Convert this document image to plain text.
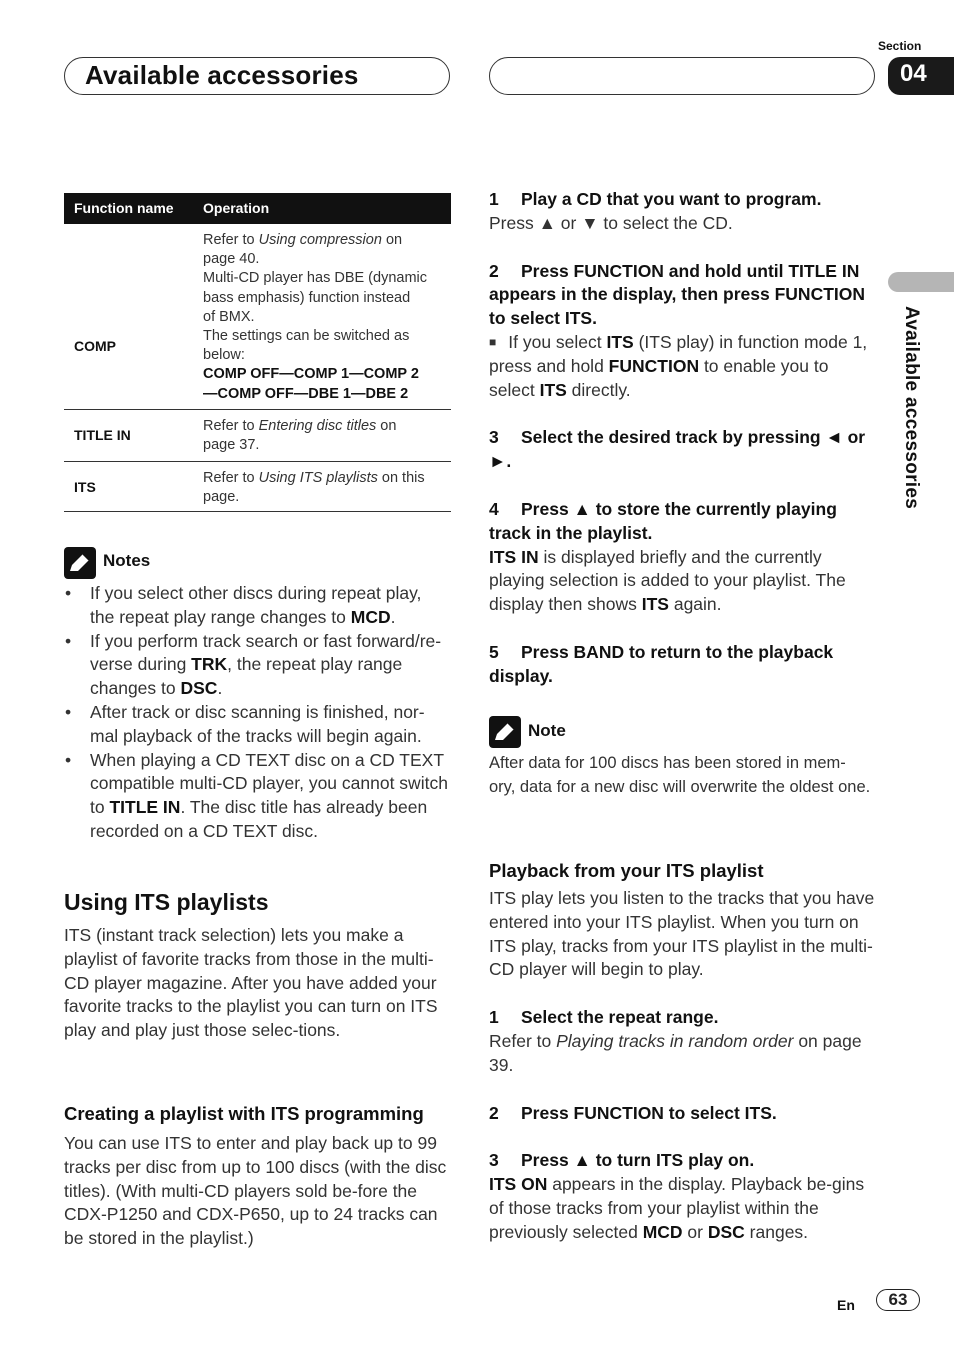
Available accessories
Section
04
Available accessories
Function name Operation
COMP
Refer to Using compression on
page 40.
Multi-CD player has DBE (dynamic
bass emphasis) function instead
of BMX.
The settings can be switched as
below:
COMP OFF—COMP 1—COMP 2
—COMP OFF—DBE 1—DBE 2
TITLE IN
Refer to Entering disc titles on
page 37.
ITS
Refer to Using ITS playlists on this
page.
Notes
• If you select other discs during repeat play, the repeat play range changes to MCD.
• If you perform track search or fast forward/re-verse during TRK, the repeat play range changes to DSC.
• After track or disc scanning is finished, nor-mal playback of the tracks will begin again.
• When playing a CD TEXT disc on a CD TEXT compatible multi-CD player, you cannot switch to TITLE IN. The disc title has already been recorded on a CD TEXT disc.
Using ITS playlists
ITS (instant track selection) lets you make a playlist of favorite tracks from those in the multi-CD player magazine. After you have added your favorite tracks to the playlist you can turn on ITS play and play just those selec-tions.
Creating a playlist with ITS programming
You can use ITS to enter and play back up to 99 tracks per disc from up to 100 discs (with the disc titles). (With multi-CD players sold be-fore the CDX-P1250 and CDX-P650, up to 24 tracks can be stored in the playlist.)
1 Play a CD that you want to program.
Press ▲ or ▼ to select the CD.
2 Press FUNCTION and hold until TITLE IN appears in the display, then press FUNCTION to select ITS.
■ If you select ITS (ITS play) in function mode 1, press and hold FUNCTION to enable you to select ITS directly.
3 Select the desired track by pressing ◄ or ►.
4 Press ▲ to store the currently playing track in the playlist.
ITS IN is displayed briefly and the currently playing selection is added to your playlist. The display then shows ITS again.
5 Press BAND to return to the playback display.
Note
After data for 100 discs has been stored in mem-ory, data for a new disc will overwrite the oldest one.
Playback from your ITS playlist
ITS play lets you listen to the tracks that you have entered into your ITS playlist. When you turn on ITS play, tracks from your ITS playlist in the multi-CD player will begin to play.
1 Select the repeat range.
Refer to Playing tracks in random order on page 39.
2 Press FUNCTION to select ITS.
3 Press ▲ to turn ITS play on.
ITS ON appears in the display. Playback be-gins of those tracks from your playlist within the previously selected MCD or DSC ranges.
En	63
